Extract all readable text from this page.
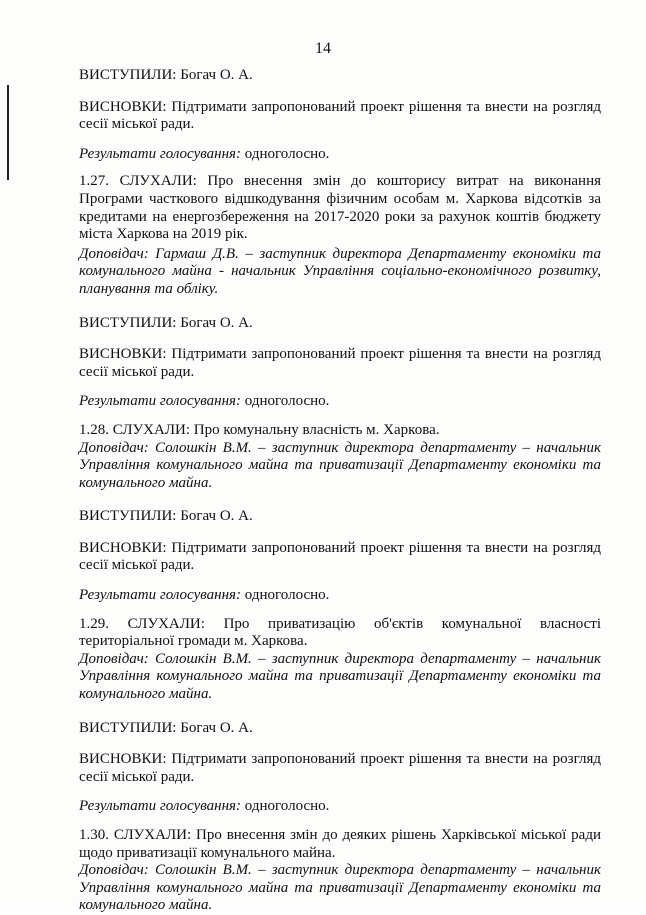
14

ВИСТУПИЛИ: Богач О. А.

ВИСНОВКИ: Підтримати запропонований проект рішення та внести на розгляд сесії міської ради.

Результати голосування: одноголосно.

1.27. СЛУХАЛИ: Про внесення змін до кошторису витрат на виконання Програми часткового відшкодування фізичним особам м. Харкова відсотків за кредитами на енергозбереження на 2017-2020 роки за рахунок коштів бюджету міста Харкова на 2019 рік.

Доповідач: Гармаш Д.В. – заступник директора Департаменту економіки та комунального майна - начальник Управління соціально-економічного розвитку, планування та обліку.

ВИСТУПИЛИ: Богач О. А.

ВИСНОВКИ: Підтримати запропонований проект рішення та внести на розгляд сесії міської ради.

Результати голосування: одноголосно.

1.28. СЛУХАЛИ: Про комунальну власність м. Харкова.

Доповідач: Солошкін В.М. – заступник директора департаменту – начальник Управління комунального майна та приватизації Департаменту економіки та комунального майна.

ВИСТУПИЛИ: Богач О. А.

ВИСНОВКИ: Підтримати запропонований проект рішення та внести на розгляд сесії міської ради.

Результати голосування: одноголосно.

1.29. СЛУХАЛИ: Про приватизацію об'єктів комунальної власності

територіальної громади м. Харкова.

Доповідач: Солошкін В.М. – заступник директора департаменту – начальник Управління комунального майна та приватизації Департаменту економіки та комунального майна.

ВИСТУПИЛИ: Богач О. А.

ВИСНОВКИ: Підтримати запропонований проект рішення та внести на розгляд сесії міської ради.

Результати голосування: одноголосно.

1.30. СЛУХАЛИ: Про внесення змін до деяких рішень Харківської міської ради щодо приватизації комунального майна.

Доповідач: Солошкін В.М. – заступник директора департаменту – начальник Управління комунального майна та приватизації Департаменту економіки та комунального майна.
